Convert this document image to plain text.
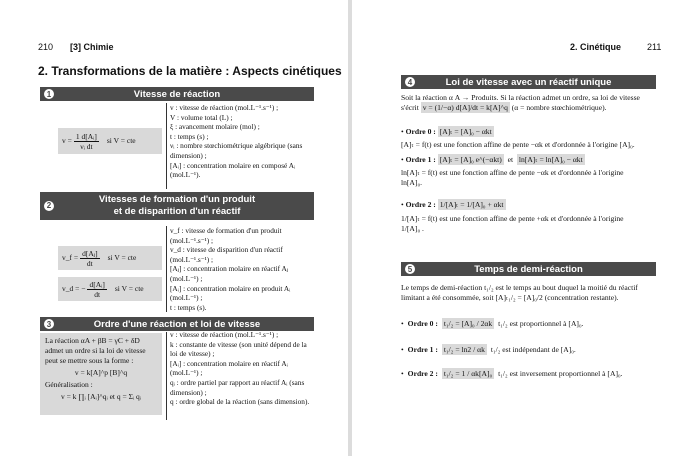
210 [3] Chimie
2. Transformations de la matière : Aspects cinétiques
1	Vitesse de réaction
$v = \frac{\text{1 d[Aᵢ]}}{\text{νᵢ dt}}$ si V = cte
v : vitesse de réaction (mol.L⁻¹.s⁻¹) ;
V : volume total (L) ;
ξ : avancement molaire (mol) ;
t : temps (s) ;
νᵢ : nombre stœchiométrique algébrique (sans dimension) ;
[Aᵢ] : concentration molaire en composé Aᵢ (mol.L⁻¹).
2
Vitesses de formation d'un produit
et de disparition d'un réactif
v_f = $\frac{\text{d[Aⱼ]}}{dt}$ si V = cte
v_d = − $\frac{\text{d[Aᵢ]}}{dt}$ si V = cte
v_f : vitesse de formation d'un produit (mol.L⁻¹.s⁻¹) ;
v_d : vitesse de disparition d'un réactif (mol.L⁻¹.s⁻¹) ;
[Aⱼ] : concentration molaire en réactif Aⱼ (mol.L⁻¹) ;
[Aᵢ] : concentration molaire en produit Aᵢ (mol.L⁻¹) ;
t : temps (s).
3	Ordre d'une réaction et loi de vitesse
La réaction αA + βB = γC + δD
admet un ordre si la loi de vitesse
peut se mettre sous la forme :
v = k[A]^p [B]^q
Généralisation :
v = k ∏ᵢ [Aᵢ]^qᵢ et q = Σᵢ qᵢ
v : vitesse de réaction (mol.L⁻¹.s⁻¹) ;
k : constante de vitesse (son unité dépend de la loi de vitesse) ;
[Aᵢ] : concentration molaire en réactif Aᵢ (mol.L⁻¹) ;
qᵢ : ordre partiel par rapport au réactif Aᵢ (sans dimension) ;
q : ordre global de la réaction (sans dimension).
2. Cinétique	211
4	Loi de vitesse avec un réactif unique
Soit la réaction α A → Produits. Si la réaction admet un ordre, sa loi de vitesse
s'écrit v = (1/−α) d[A]/dt = k[A]^q (α = nombre stœchiométrique).
• Ordre 0 : [A]ₜ = [A]₀ − αkt
[A]ₜ = f(t) est une fonction affine de pente −αk et d'ordonnée à l'origine [A]₀.
• Ordre 1 : [A]ₜ = [A]₀ e^(−αkt) et ln[A]ₜ = ln[A]₀ − αkt
ln[A]ₜ = f(t) est une fonction affine de pente −αk et d'ordonnée à l'origine
ln[A]₀.
• Ordre 2 : 1/[A]ₜ = 1/[A]₀ + αkt
1/[A]ₜ = f(t) est une fonction affine de pente +αk et d'ordonnée à l'origine
1/[A]₀ .
5	Temps de demi-réaction
Le temps de demi-réaction t₁/₂ est le temps au bout duquel la moitié du réactif
limitant a été consommée, soit [A]ₜ₁/₂ = [A]₀/2 (concentration restante).
• Ordre 0 : t₁/₂ = [A]₀ / 2αk t₁/₂ est proportionnel à [A]₀.
• Ordre 1 : t₁/₂ = ln2 / αk t₁/₂ est indépendant de [A]₀.
• Ordre 2 : t₁/₂ = 1 / αk[A]₀ t₁/₂ est inversement proportionnel à [A]₀.
